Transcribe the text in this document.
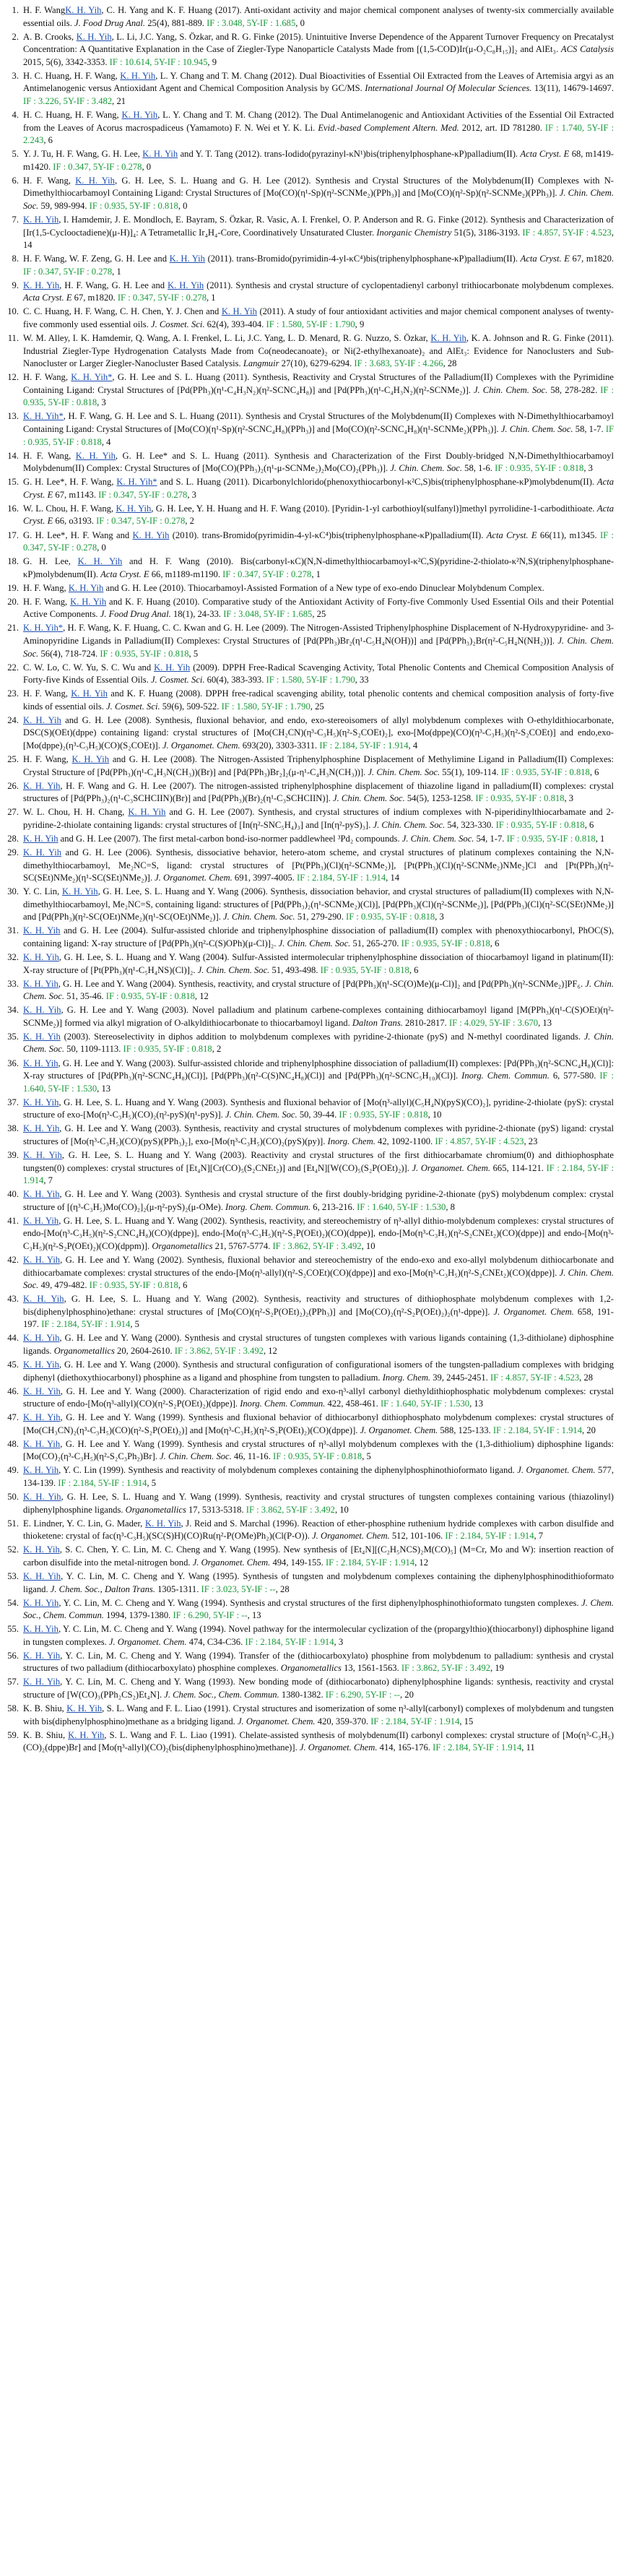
1. H. F. WangK. H. Yih, C. H. Yang and K. F. Huang (2017). Anti-oxidant activity and major chemical component analyses of twenty-six commercially available essential oils. J. Food Drug Anal. 25(4), 881-889. IF : 3.048, 5Y-IF : 1.685, 0
2. A. B. Crooks, K. H. Yih, L. Li, J.C. Yang, S. Özkar, and R. G. Finke (2015). Unintuitive Inverse Dependence of the Apparent Turnover Frequency on Precatalyst Concentration: A Quantitative Explanation in the Case of Ziegler-Type Nanoparticle Catalysts Made from [(1,5-COD)Ir(μ-O₂C₈H₁₅)]₂ and AlEt₃. ACS Catalysis 2015, 5(6), 3342-3353. IF : 10.614, 5Y-IF : 10.945, 9
3. H. C. Huang, H. F. Wang, K. H. Yih, L. Y. Chang and T. M. Chang (2012). Dual Bioactivities of Essential Oil Extracted from the Leaves of Artemisia argyi as an Antimelanogenic versus Antioxidant Agent and Chemical Composition Analysis by GC/MS. International Journal Of Molecular Sciences. 13(11), 14679-14697. IF : 3.226, 5Y-IF : 3.482, 21
4. H. C. Huang, H. F. Wang, K. H. Yih, L. Y. Chang and T. M. Chang (2012). The Dual Antimelanogenic and Antioxidant Activities of the Essential Oil Extracted from the Leaves of Acorus macrospadiceus (Yamamoto) F. N. Wei et Y. K. Li. Evid.-based Complement Altern. Med. 2012, art. ID 781280. IF : 1.740, 5Y-IF : 2.243, 6
5. Y. J. Tu, H. F. Wang, G. H. Lee, K. H. Yih and Y. T. Tang (2012). trans-Iodido(pyrazinyl-κN¹)bis(triphenylphosphane-κP)palladium(II). Acta Cryst. E 68, m1419-m1420. IF : 0.347, 5Y-IF : 0.278, 0
6. H. F. Wang, K. H. Yih, G. H. Lee, S. L. Huang and G. H. Lee (2012). Synthesis and Crystal Structures of the Molybdenum(II) Complexes with N-Dimethylthiocarbamoyl Containing Ligand: Crystal Structures of [Mo(CO)(η¹-Sp)(η²-SCNMe₂)(PPh₃)] and [Mo(CO)(η²-Sp)(η²-SCNMe₂)(PPh₃)]. J. Chin. Chem. Soc. 59, 989-994. IF : 0.935, 5Y-IF : 0.818, 0
7. K. H. Yih, I. Hamdemir, J. E. Mondloch, E. Bayram, S. Özkar, R. Vasic, A. I. Frenkel, O. P. Anderson and R. G. Finke (2012). Synthesis and Characterization of [Ir(1,5-Cyclooctadiene)(μ-H)]₄: A Tetrametallic Ir₄H₄-Core, Coordinatively Unsaturated Cluster. Inorganic Chemistry 51(5), 3186-3193. IF : 4.857, 5Y-IF : 4.523, 14
8. H. F. Wang, W. F. Zeng, G. H. Lee and K. H. Yih (2011). trans-Bromido(pyrimidin-4-yl-κC⁴)bis(triphenylphosphane-κP)palladium(II). Acta Cryst. E 67, m1820. IF : 0.347, 5Y-IF : 0.278, 1
9. K. H. Yih, H. F. Wang, G. H. Lee and K. H. Yih (2011). Synthesis and crystal structure of cyclopentadienyl carbonyl trithiocarbonate molybdenum complexes. Acta Cryst. E 67, m1820. IF : 0.347, 5Y-IF : 0.278, 1
10. C. C. Huang, H. F. Wang, C. H. Chen, Y. J. Chen and K. H. Yih (2011). A study of four antioxidant activities and major chemical component analyses of twenty-five commonly used essential oils. J. Cosmet. Sci. 62(4), 393-404. IF : 1.580, 5Y-IF : 1.790, 9
11. W. M. Alley, I. K. Hamdemir, Q. Wang, A. I. Frenkel, L. Li, J.C. Yang, L. D. Menard, R. G. Nuzzo, S. Özkar, K. H. Yih, K. A. Johnson and R. G. Finke (2011). Industrial Ziegler-Type Hydrogenation Catalysts Made from Co(neodecanoate)₂ or Ni(2-ethylhexanoate)₂ and AlEt₃: Evidence for Nanoclusters and Sub-Nanocluster or Larger Ziegler-Nanocluster Based Catalysis. Langmuir 27(10), 6279-6294. IF : 3.683, 5Y-IF : 4.266, 28
12. H. F. Wang, K. H. Yih*, G. H. Lee and S. L. Huang (2011). Synthesis, Reactivity and Crystal Structures of the Palladium(II) Complexes with the Pyrimidine Containing Ligand: Crystal Structures of [Pd(PPh₃)(η¹-C₄H₃N₂)(η²-SCNC₄H₈)] and [Pd(PPh₃)(η¹-C₄H₃N₂)(η²-SCNMe₂)]. J. Chin. Chem. Soc. 58, 278-282. IF : 0.935, 5Y-IF : 0.818, 3
13. K. H. Yih*, H. F. Wang, G. H. Lee and S. L. Huang (2011). Synthesis and Crystal Structures of the Molybdenum(II) Complexes with N-Dimethylthiocarbamoyl Containing Ligand: Crystal Structures of [Mo(CO)(η¹-Sp)(η²-SCNC₄H₈)(PPh₃)] and [Mo(CO)(η²-SCNC₄H₈)(η¹-SCNMe₂)(PPh₃)]. J. Chin. Chem. Soc. 58, 1-7. IF : 0.935, 5Y-IF : 0.818, 4
14. H. F. Wang, K. H. Yih, G. H. Lee* and S. L. Huang (2011). Synthesis and Characterization of the First Doubly-bridged N,N-Dimethylthiocarbamoyl Molybdenum(II) Complex: Crystal Structures of [Mo(CO)(PPh₃)₂(η¹-μ-SCNMe₂)₂Mo(CO)₂(PPh₃)]. J. Chin. Chem. Soc. 58, 1-6. IF : 0.935, 5Y-IF : 0.818, 3
15. G. H. Lee*, H. F. Wang, K. H. Yih* and S. L. Huang (2011). Dicarbonylchlorido(phenoxythiocarbonyl-κ²C,S)bis(triphenylphosphane-κP)molybdenum(II). Acta Cryst. E 67, m1143. IF : 0.347, 5Y-IF : 0.278, 3
16. W. L. Chou, H. F. Wang, K. H. Yih, G. H. Lee, Y. H. Huang and H. F. Wang (2010). [Pyridin-1-yl carbothioyl(sulfanyl)]methyl pyrrolidine-1-carbodithioate. Acta Cryst. E 66, o3193. IF : 0.347, 5Y-IF : 0.278, 2
17. G. H. Lee*, H. F. Wang and K. H. Yih (2010). trans-Bromido(pyrimidin-4-yl-κC⁴)bis(triphenylphosphane-κP)palladium(II). Acta Cryst. E 66(11), m1345. IF : 0.347, 5Y-IF : 0.278, 0
18. G. H. Lee, K. H. Yih and H. F. Wang (2010). Bis(carbonyl-κC)(N,N-dimethylthiocarbamoyl-κ²C,S)(pyridine-2-thiolato-κ²N,S)(triphenylphosphane-κP)molybdenum(II). Acta Cryst. E 66, m1189-m1190. IF : 0.347, 5Y-IF : 0.278, 1
19. H. F. Wang, K. H. Yih and G. H. Lee (2010). Thiocarbamoyl-Assisted Formation of a New type of exo-endo Dinuclear Molybdenum Complex.
20. H. F. Wang, K. H. Yih and K. F. Huang (2010). Comparative study of the Antioxidant Activity of Forty-five Commonly Used Essential Oils and their Potential Active Components. J. Food Drug Anal. 18(1), 24-33. IF : 3.048, 5Y-IF : 1.685, 25
21. K. H. Yih*, H. F. Wang, K. F. Huang, C. C. Kwan and G. H. Lee (2009). The Nitrogen-Assisted Triphenylphosphine Displacement of N-Hydroxypyridine- and 3-Aminopyridine Ligands in Palladium(II) Complexes: Crystal Structures of [Pd(PPh₃)Br₂(η¹-C₅H₄N(OH))] and [Pd(PPh₃)₂Br(η²-C₅H₄N(NH₂))]. J. Chin. Chem. Soc. 56(4), 718-724. IF : 0.935, 5Y-IF : 0.818, 5
22. C. W. Lo, C. W. Yu, S. C. Wu and K. H. Yih (2009). DPPH Free-Radical Scavenging Activity, Total Phenolic Contents and Chemical Composition Analysis of Forty-five Kinds of Essential Oils. J. Cosmet. Sci. 60(4), 383-393. IF : 1.580, 5Y-IF : 1.790, 33
23. H. F. Wang, K. H. Yih and K. F. Huang (2008). DPPH free-radical scavenging ability, total phenolic contents and chemical composition analysis of forty-five kinds of essential oils. J. Cosmet. Sci. 59(6), 509-522. IF : 1.580, 5Y-IF : 1.790, 25
24. K. H. Yih and G. H. Lee (2008). Synthesis, fluxional behavior, and endo, exo-stereoisomers of allyl molybdenum complexes with O-ethyldithiocarbonate, DSC(S)(OEt)(dppe) containing ligand: crystal structures of [Mo(CH₂CN)(η³-C₃H₅)(η²-S₂COEt)₂], exo-[Mo(dppe)(CO)(η³-C₃H₅)(η²-S₂COEt)] and endo,exo-[Mo(dppe)₂(η³-C₃H₅)(CO)(S₂COEt)]. J. Organomet. Chem. 693(20), 3303-3311. IF : 2.184, 5Y-IF : 1.914, 4
25. H. F. Wang, K. H. Yih and G. H. Lee (2008). The Nitrogen-Assisted Triphenylphosphine Displacement of Methylimine Ligand in Palladium(II) Complexes: Crystal Structure of [Pd(PPh₃)(η¹-C₄H₃N(CH₃))(Br)] and [Pd(PPh₃)Br₂]₂(μ-η¹-C₄H₃N(CH₃))]. J. Chin. Chem. Soc. 55(1), 109-114. IF : 0.935, 5Y-IF : 0.818, 6
26. K. H. Yih, H. F. Wang and G. H. Lee (2007). The nitrogen-assisted triphenylphosphine displacement of thiazoline ligand in palladium(II) complexes: crystal structures of [Pd(PPh₃)₂(η¹-C₃SCHCIIN)(Br)] and [Pd(PPh₃)(Br)₂(η¹-C₃SCHCIIN)]. J. Chin. Chem. Soc. 54(5), 1253-1258. IF : 0.935, 5Y-IF : 0.818, 3
27. W. L. Chou, H. H. Chang, K. H. Yih and G. H. Lee (2007). Synthesis, and crystal structures of indium complexes with N-piperidinylthiocarbamate and 2-pyridine-2-thiolate containing ligands: crystal structures of [In(η²-SNC₅H₄)₃] and [In(η²-pyS)₃]. J. Chin. Chem. Soc. 54, 323-330. IF : 0.935, 5Y-IF : 0.818, 6
28. K. H. Yih and G. H. Lee (2007). The first metal-carbon bond-iso-normer paddlewheel ³Pd₂ compounds. J. Chin. Chem. Soc. 54, 1-7. IF : 0.935, 5Y-IF : 0.818, 1
29. K. H. Yih and G. H. Lee (2006). Synthesis, dissociative behavior, hetero-atom scheme, and crystal structures of platinum complexes containing the N,N-dimethylthiocarbamoyl, Me₂NC=S, ligand: crystal structures of [Pt(PPh₃)(Cl)(η²-SCNMe₂)], [Pt(PPh₃)(Cl)(η²-SCNMe₂)NMe₂]Cl and [Pt(PPh₃)(η²-SC(SEt)NMe₂)(η¹-SC(SEt)NMe₂)]. J. Organomet. Chem. 691, 3997-4005. IF : 2.184, 5Y-IF : 1.914, 14
30. Y. C. Lin, K. H. Yih, G. H. Lee, S. L. Huang and Y. Wang (2006). Synthesis, dissociation behavior, and crystal structures of palladium(II) complexes with N,N-dimethylthiocarbamoyl, Me₂NC=S, containing ligand: structures of [Pd(PPh₃)₂(η¹-SCNMe₂)(Cl)], [Pd(PPh₃)(Cl)(η²-SCNMe₂)], [Pd(PPh₃)(Cl)(η²-SC(SEt)NMe₂)] and [Pd(PPh₃)(η²-SC(OEt)NMe₂)(η¹-SC(OEt)NMe₂)]. J. Chin. Chem. Soc. 51, 279-290. IF : 0.935, 5Y-IF : 0.818, 3
31. K. H. Yih and G. H. Lee (2004). Sulfur-assisted chloride and triphenylphosphine dissociation of palladium(II) complex with phenoxythiocarbonyl, PhOC(S), containing ligand: X-ray structure of [Pd(PPh₃)(η²-C(S)OPh)(μ-Cl)]₂. J. Chin. Chem. Soc. 51, 265-270. IF : 0.935, 5Y-IF : 0.818, 6
32. K. H. Yih, G. H. Lee, S. L. Huang and Y. Wang (2004). Sulfur-Assisted intermolecular triphenylphosphine dissociation of thiocarbamoyl ligand in platinum(II): X-ray structure of [Pt(PPh₃)(η¹-C₅H₄NS)(Cl)]₂. J. Chin. Chem. Soc. 51, 493-498. IF : 0.935, 5Y-IF : 0.818, 6
33. K. H. Yih, G. H. Lee and Y. Wang (2004). Synthesis, reactivity, and crystal structure of [Pd(PPh₃)(η¹-SC(O)Me)(μ-Cl)]₂ and [Pd(PPh₃)(η²-SCNMe₂)]PF₆. J. Chin. Chem. Soc. 51, 35-46. IF : 0.935, 5Y-IF : 0.818, 12
34. K. H. Yih, G. H. Lee and Y. Wang (2003). Novel palladium and platinum carbene-complexes containing dithiocarbamoyl ligand [M(PPh₃)(η¹-C(S)OEt)(η²-SCNMe₂)] formed via alkyl migration of O-alkyldithiocarbonate to thiocarbamoyl ligand. Dalton Trans. 2810-2817. IF : 4.029, 5Y-IF : 3.670, 13
35. K. H. Yih (2003). Stereoselectivity in diphos addition to molybdenum complexes with pyridine-2-thionate (pyS) and N-methyl coordinated ligands. J. Chin. Chem. Soc. 50, 1109-1113. IF : 0.935, 5Y-IF : 0.818, 2
36. K. H. Yih, G. H. Lee and Y. Wang (2003). Sulfur-assisted chloride and triphenylphosphine dissociation of palladium(II) complexes: [Pd(PPh₃)(η²-SCNC₄H₈)(Cl)]: X-ray structures of [Pd(PPh₃)(η²-SCNC₄H₈)(Cl)], [Pd(PPh₃)(η²-C(S)NC₄H₈)(Cl)] and [Pd(PPh₃)(η²-SCNC₅H₁₀)(Cl)]. Inorg. Chem. Commun. 6, 577-580. IF : 1.640, 5Y-IF : 1.530, 13
37. K. H. Yih, G. H. Lee, S. L. Huang and Y. Wang (2003). Synthesis and fluxional behavior of [Mo(η³-allyl)(C₅H₄N)(pyS)(CO)₂], pyridine-2-thiolate (pyS): crystal structure of exo-[Mo(η³-C₃H₅)(CO)₂(η²-pyS)(η¹-pyS)]. J. Chin. Chem. Soc. 50, 39-44. IF : 0.935, 5Y-IF : 0.818, 10
38. K. H. Yih, G. H. Lee and Y. Wang (2003). Synthesis, reactivity and crystal structures of molybdenum complexes with pyridine-2-thionate (pyS) ligand: crystal structures of [Mo(η³-C₃H₅)(CO)(pyS)(PPh₃)₂], exo-[Mo(η³-C₃H₅)(CO)₂(pyS)(py)]. Inorg. Chem. 42, 1092-1100. IF : 4.857, 5Y-IF : 4.523, 23
39. K. H. Yih, G. H. Lee, S. L. Huang and Y. Wang (2003). Reactivity and crystal structures of the first dithiocarbamate chromium(0) and dithiophosphate tungsten(0) complexes: crystal structures of [Et₄N][Cr(CO)₅(S₂CNEt₂)] and [Et₄N][W(CO)₅(S₂P(OEt)₂)]. J. Organomet. Chem. 665, 114-121. IF : 2.184, 5Y-IF : 1.914, 7
40. K. H. Yih, G. H. Lee and Y. Wang (2003). Synthesis and crystal structure of the first doubly-bridging pyridine-2-thionate (pyS) molybdenum complex: crystal structure of [(η³-C₃H₅)Mo(CO)₂]₂(μ-η²-pyS)₂(μ-OMe). Inorg. Chem. Commun. 6, 213-216. IF : 1.640, 5Y-IF : 1.530, 8
41. K. H. Yih, G. H. Lee, S. L. Huang and Y. Wang (2002). Synthesis, reactivity, and stereochemistry of η³-allyl dithio-molybdenum complexes: crystal structures of endo-[Mo(η³-C₃H₅)(η²-S₂CNC₄H₈)(CO)(dppe)], endo-[Mo(η³-C₃H₅)(η²-S₂P(OEt)₂)(CO)(dppe)], endo-[Mo(η³-C₃H₅)(η²-S₂CNEt₂)(CO)(dppe)] and endo-[Mo(η³-C₃H₅)(η²-S₂P(OEt)₂)(CO)(dppm)]. Organometallics 21, 5767-5774. IF : 3.862, 5Y-IF : 3.492, 10
42. K. H. Yih, G. H. Lee and Y. Wang (2002). Synthesis, fluxional behavior and stereochemistry of the endo-exo and exo-allyl molybdenum dithiocarbonate and dithiocarbamate complexes: crystal structures of the endo-[Mo(η³-allyl)(η²-S₂COEt)(CO)(dppe)] and exo-[Mo(η³-C₃H₅)(η²-S₂CNEt₂)(CO)(dppe)]. J. Chin. Chem. Soc. 49, 479-482. IF : 0.935, 5Y-IF : 0.818, 6
43. K. H. Yih, G. H. Lee, S. L. Huang and Y. Wang (2002). Synthesis, reactivity and structures of dithiophosphate molybdenum complexes with 1,2-bis(diphenylphosphino)ethane: crystal structures of [Mo(CO)(η²-S₂P(OEt)₂)₂(PPh₃)] and [Mo(CO)₂(η²-S₂P(OEt)₂)₂(η¹-dppe)]. J. Organomet. Chem. 658, 191-197. IF : 2.184, 5Y-IF : 1.914, 5
44. K. H. Yih, G. H. Lee and Y. Wang (2000). Synthesis and crystal structures of tungsten complexes with various ligands containing (1,3-dithiolane) diphosphine ligands. Organometallics 20, 2604-2610. IF : 3.862, 5Y-IF : 3.492, 12
45. K. H. Yih, G. H. Lee and Y. Wang (2000). Synthesis and structural configuration of configurational isomers of the tungsten-palladium complexes with bridging diphenyl (diethoxythiocarbonyl) phosphine as a ligand and phosphine from tungsten to palladium. Inorg. Chem. 39, 2445-2451. IF : 4.857, 5Y-IF : 4.523, 28
46. K. H. Yih, G. H. Lee and Y. Wang (2000). Characterization of rigid endo and exo-η³-allyl carbonyl diethyldithiophosphatic molybdenum complexes: crystal structure of endo-[Mo(η³-allyl)(CO)(η²-S₂P(OEt)₂)(dppe)]. Inorg. Chem. Commun. 422, 458-461. IF : 1.640, 5Y-IF : 1.530, 13
47. K. H. Yih, G. H. Lee and Y. Wang (1999). Synthesis and fluxional behavior of dithiocarbonyl dithiophosphato molybdenum complexes: crystal structures of [Mo(CH₃CN)₂(η³-C₃H₅)(CO)(η²-S₂P(OEt)₂)] and [Mo(η³-C₃H₅)(η²-S₂P(OEt)₂)(CO)(dppe)]. J. Organomet. Chem. 588, 125-133. IF : 2.184, 5Y-IF : 1.914, 20
48. K. H. Yih, G. H. Lee and Y. Wang (1999). Synthesis and crystal structures of η³-allyl molybdenum complexes with the (1,3-dithiolium) diphosphine ligands: [Mo(CO)₂(η³-C₃H₅)(η²-S₂C₃Ph₂)Br]. J. Chin. Chem. Soc. 46, 11-16. IF : 0.935, 5Y-IF : 0.818, 5
49. K. H. Yih, Y. C. Lin (1999). Synthesis and reactivity of molybdenum complexes containing the diphenylphosphinothioformato ligand. J. Organomet. Chem. 577, 134-139. IF : 2.184, 5Y-IF : 1.914, 5
50. K. H. Yih, G. H. Lee, S. L. Huang and Y. Wang (1999). Synthesis, reactivity and crystal structures of tungsten complexes containing various (thiazolinyl) diphenylphosphine ligands. Organometallics 17, 5313-5318. IF : 3.862, 5Y-IF : 3.492, 10
51. E. Lindner, Y. C. Lin, G. Mader, K. H. Yih, J. Reid and S. Marchal (1996). Reaction of ether-phosphine ruthenium hydride complexes with carbon disulfide and thioketene: crystal of fac(η³-C₃H₅)(SC(S)H)(CO)Ru(η²-P(OMe)Ph₂)(Cl(P-O)). J. Organomet. Chem. 512, 101-106. IF : 2.184, 5Y-IF : 1.914, 7
52. K. H. Yih, S. C. Chen, Y. C. Lin, M. C. Cheng and Y. Wang (1995). New synthesis of [Et₄N][(C₂H₅NCS)₂M(CO)₅] (M=Cr, Mo and W): insertion reaction of carbon disulfide into the metal-nitrogen bond. J. Organomet. Chem. 494, 149-155. IF : 2.184, 5Y-IF : 1.914, 12
53. K. H. Yih, Y. C. Lin, M. C. Cheng and Y. Wang (1995). Synthesis of tungsten and molybdenum complexes containing the diphenylphosphinodithioformato ligand. J. Chem. Soc., Dalton Trans. 1305-1311. IF : 3.023, 5Y-IF : --, 28
54. K. H. Yih, Y. C. Lin, M. C. Cheng and Y. Wang (1994). Synthesis and crystal structures of the first diphenylphosphinothioformato tungsten complexes. J. Chem. Soc., Chem. Commun. 1994, 1379-1380. IF : 6.290, 5Y-IF : --, 13
55. K. H. Yih, Y. C. Lin, M. C. Cheng and Y. Wang (1994). Novel pathway for the intermolecular cyclization of the (propargylthio)(thiocarbonyl) diphosphine ligand in tungsten complexes. J. Organomet. Chem. 474, C34-C36. IF : 2.184, 5Y-IF : 1.914, 3
56. K. H. Yih, Y. C. Lin, M. C. Cheng and Y. Wang (1994). Transfer of the (dithiocarboxylato) phosphine from molybdenum to palladium: synthesis and crystal structures of two palladium (dithiocarboxylato) phosphine complexes. Organometallics 13, 1561-1563. IF : 3.862, 5Y-IF : 3.492, 19
57. K. H. Yih, Y. C. Lin, M. C. Cheng and Y. Wang (1993). New bonding mode of (dithiocarbonato) diphenylphosphine ligands: synthesis, reactivity and crystal structure of [W(CO)₃(PPh₂CS₂)Et₄N]. J. Chem. Soc., Chem. Commun. 1380-1382. IF : 6.290, 5Y-IF : --, 20
58. K. B. Shiu, K. H. Yih, S. L. Wang and F. L. Liao (1991). Crystal structures and isomerization of some η³-allyl(carbonyl) complexes of molybdenum and tungsten with bis(diphenylphosphino)methane as a bridging ligand. J. Organomet. Chem. 420, 359-370. IF : 2.184, 5Y-IF : 1.914, 15
59. K. B. Shiu, K. H. Yih, S. L. Wang and F. L. Liao (1991). Chelate-assisted synthesis of molybdenum(II) carbonyl complexes: crystal structure of [Mo(η³-C₃H₅)(CO)₂(dppe)Br] and [Mo(η³-allyl)(CO)₂(bis(diphenylphosphino)methane)]. J. Organomet. Chem. 414, 165-176. IF : 2.184, 5Y-IF : 1.914, 11
